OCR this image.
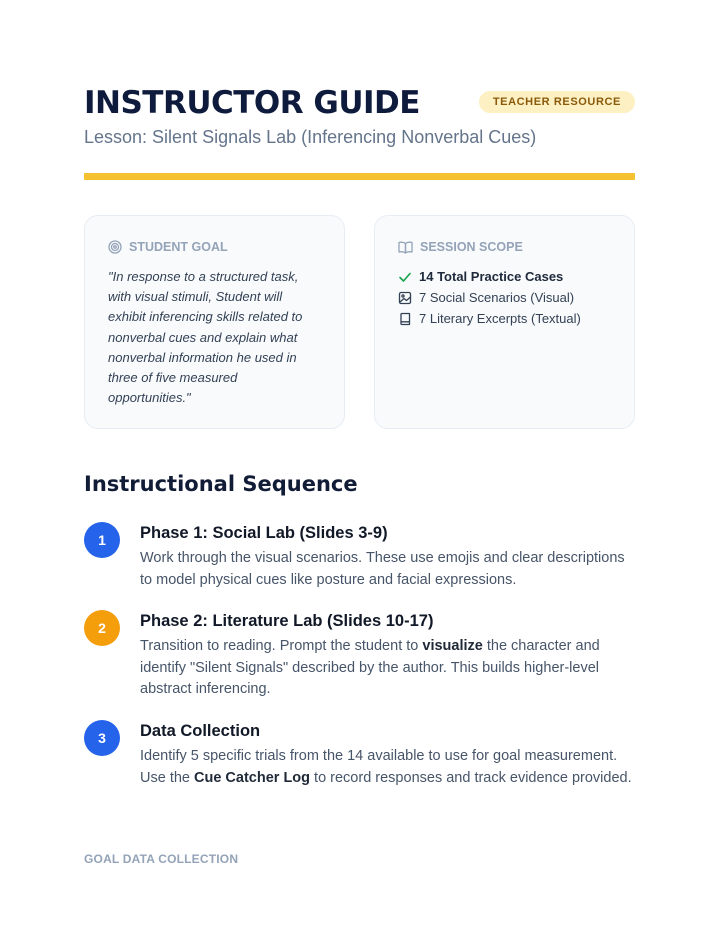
INSTRUCTOR GUIDE	TEACHER RESOURCE
Lesson: Silent Signals Lab (Inferencing Nonverbal Cues)
STUDENT GOAL

"In response to a structured task, with visual stimuli, Student will exhibit inferencing skills related to nonverbal cues and explain what nonverbal information he used in three of five measured opportunities."

SESSION SCOPE
14 Total Practice Cases
7 Social Scenarios (Visual)
7 Literary Excerpts (Textual)
Instructional Sequence
1	Phase 1: Social Lab (Slides 3-9)

Work through the visual scenarios. These use emojis and clear descriptions to model physical cues like posture and facial expressions.

2	Phase 2: Literature Lab (Slides 10-17)

Transition to reading. Prompt the student to visualize the character and identify "Silent Signals" described by the author. This builds higher-level abstract inferencing.

3	Data Collection

Identify 5 specific trials from the 14 available to use for goal measurement. Use the Cue Catcher Log to record responses and track evidence provided.

GOAL DATA COLLECTION
